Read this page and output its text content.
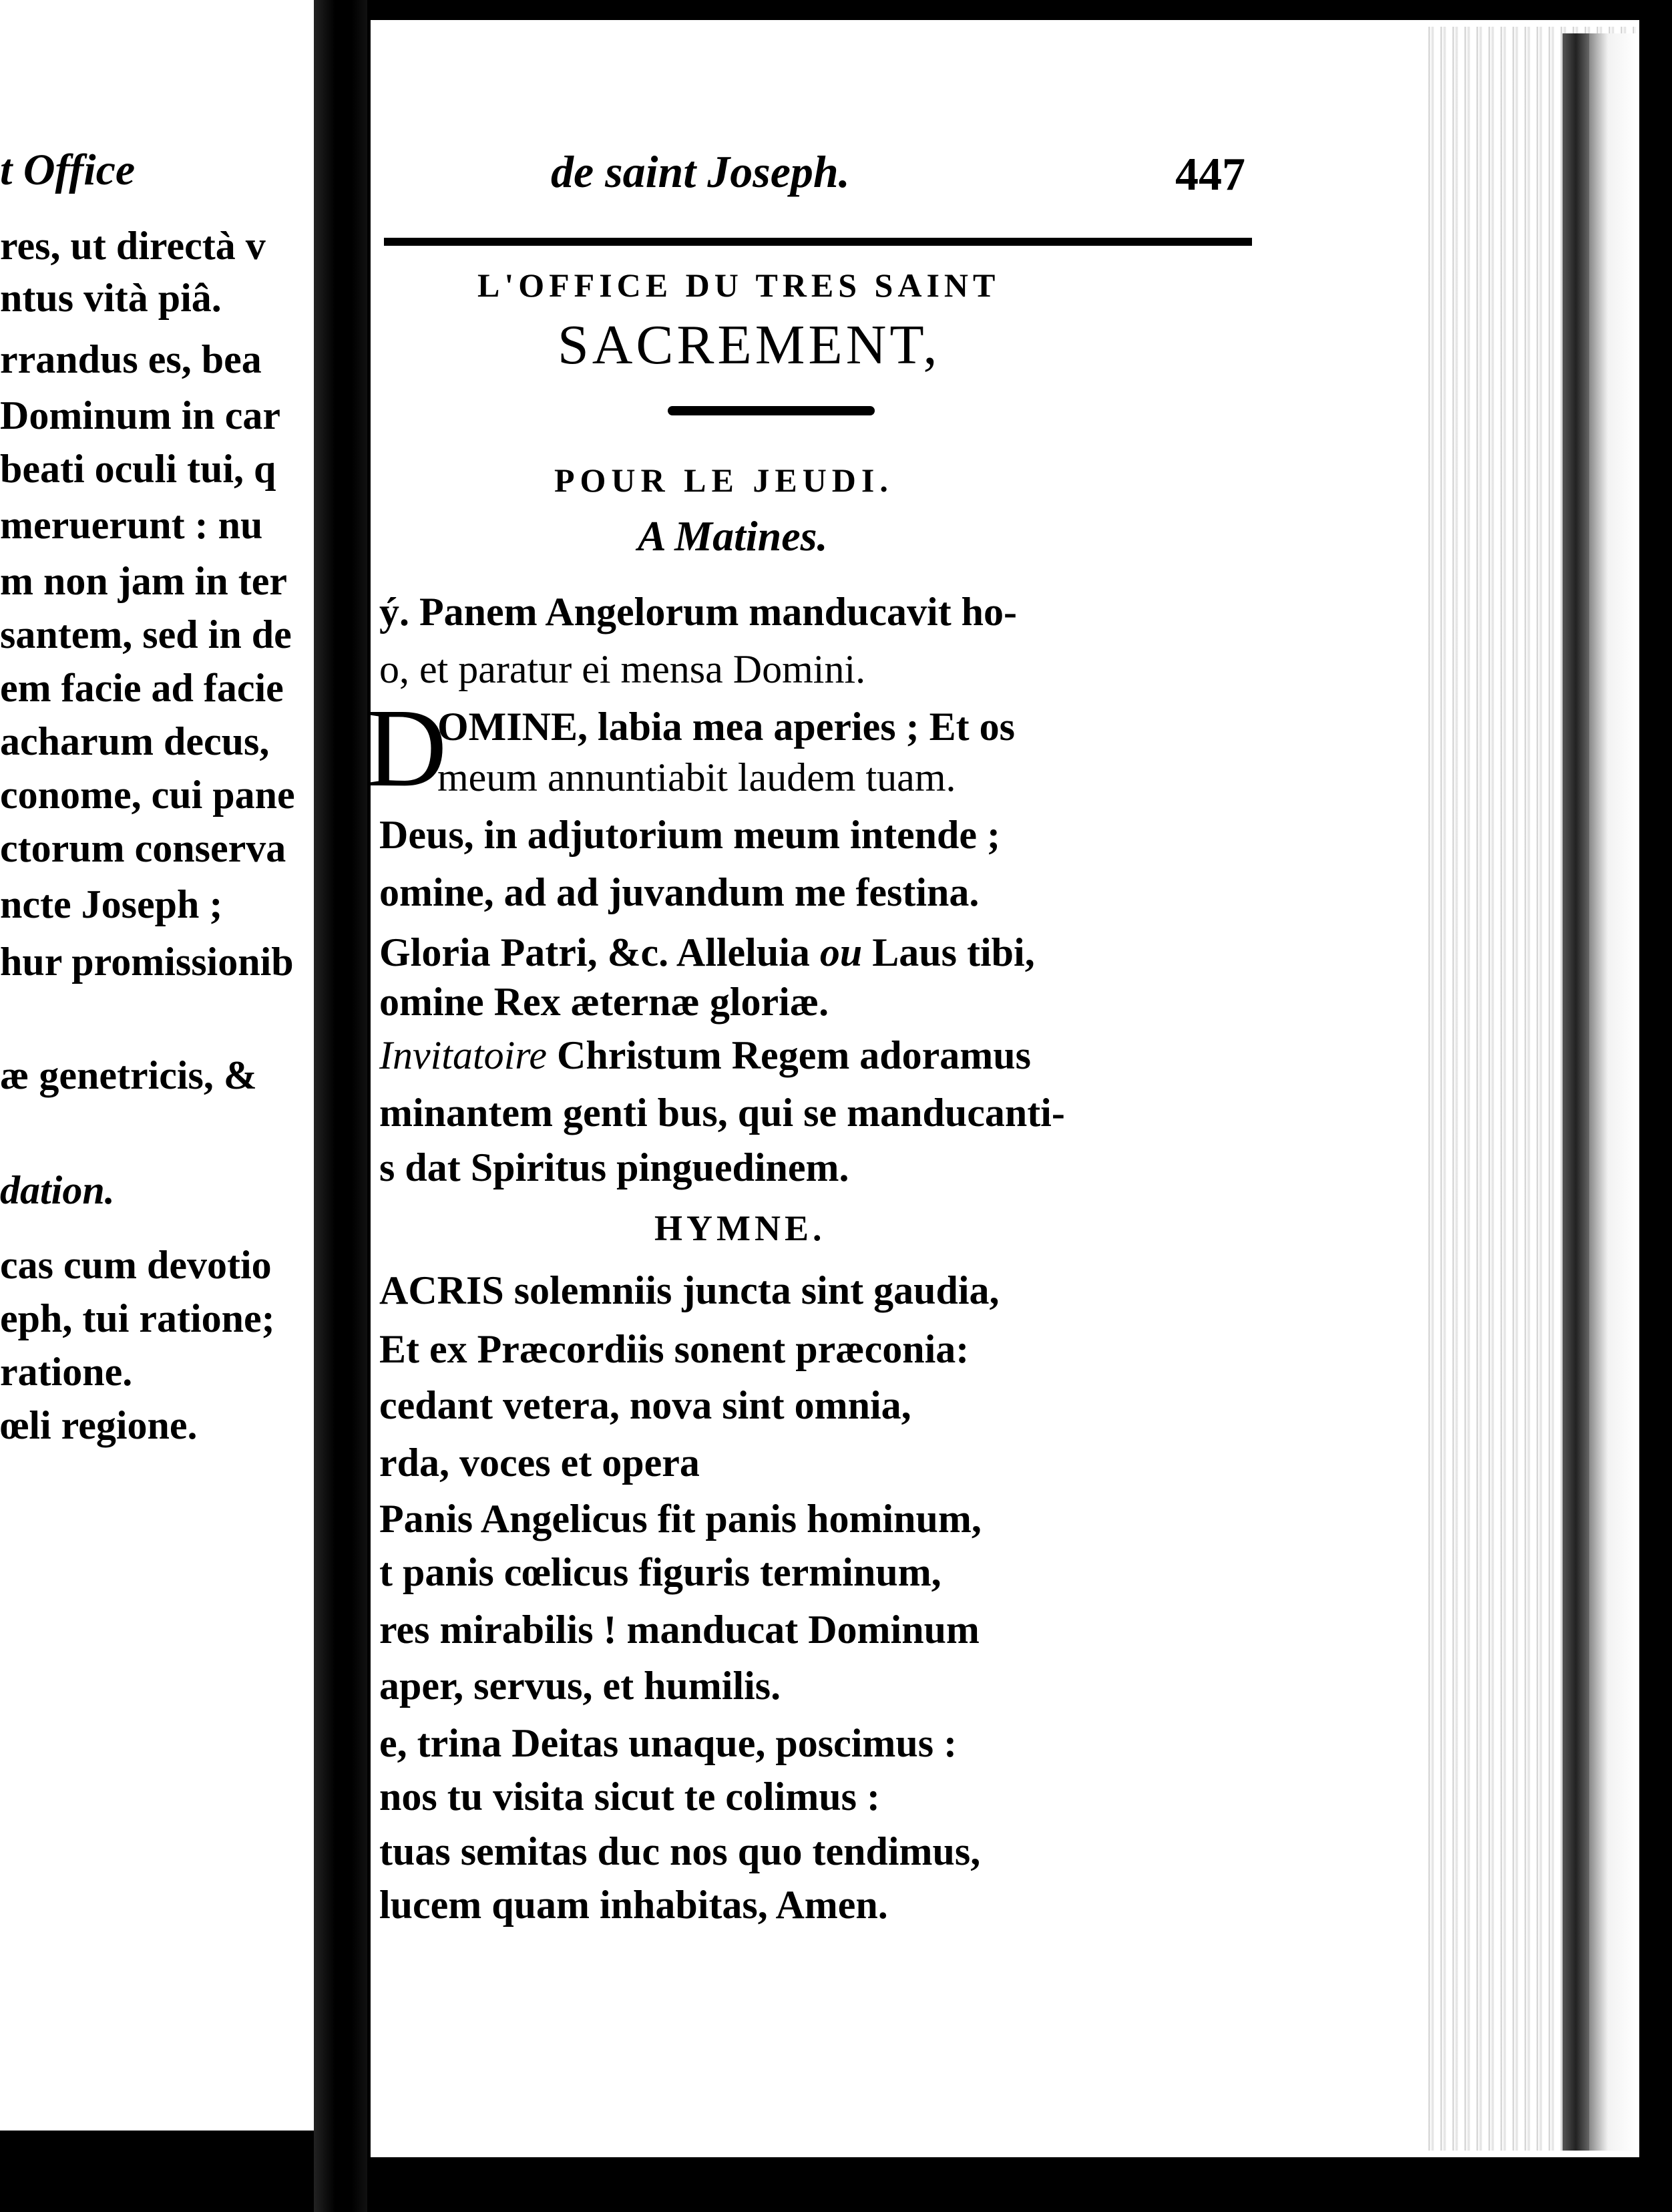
t Office
res, ut directà v
ntus vità piâ.
rrandus es, bea
Dominum in car
beati oculi tui, q
meruerunt : nu
m non jam in ter
santem, sed in de
em facie ad facie
acharum decus,
conome, cui pane
ctorum conserva
ncte Joseph ;
hur promissionib
æ genetricis, &
dation.
cas cum devotio
eph, tui ratione;
ratione.
œli regione.
de saint Joseph.	447
L'OFFICE DU TRES SAINT
SACREMENT,
POUR LE JEUDI.
A Matines.
ý. Panem Angelorum manducavit ho-
o, et paratur ei mensa Domini.
D
OMINE, labia mea aperies ; Et os
meum annuntiabit laudem tuam.
Deus, in adjutorium meum intende ;
omine, ad ad juvandum me festina.
Gloria Patri, &c. Alleluia ou Laus tibi,
omine Rex æternæ gloriæ.
Invitatoire Christum Regem adoramus
minantem genti bus, qui se manducanti-
s dat Spiritus pinguedinem.
HYMNE.
ACRIS solemniis juncta sint gaudia,
Et ex Præcordiis sonent præconia:
cedant vetera, nova sint omnia,
rda, voces et opera
Panis Angelicus fit panis hominum,
t panis cœlicus figuris terminum,
res mirabilis ! manducat Dominum
aper, servus, et humilis.
e, trina Deitas unaque, poscimus :
nos tu visita sicut te colimus :
tuas semitas duc nos quo tendimus,
lucem quam inhabitas, Amen.
